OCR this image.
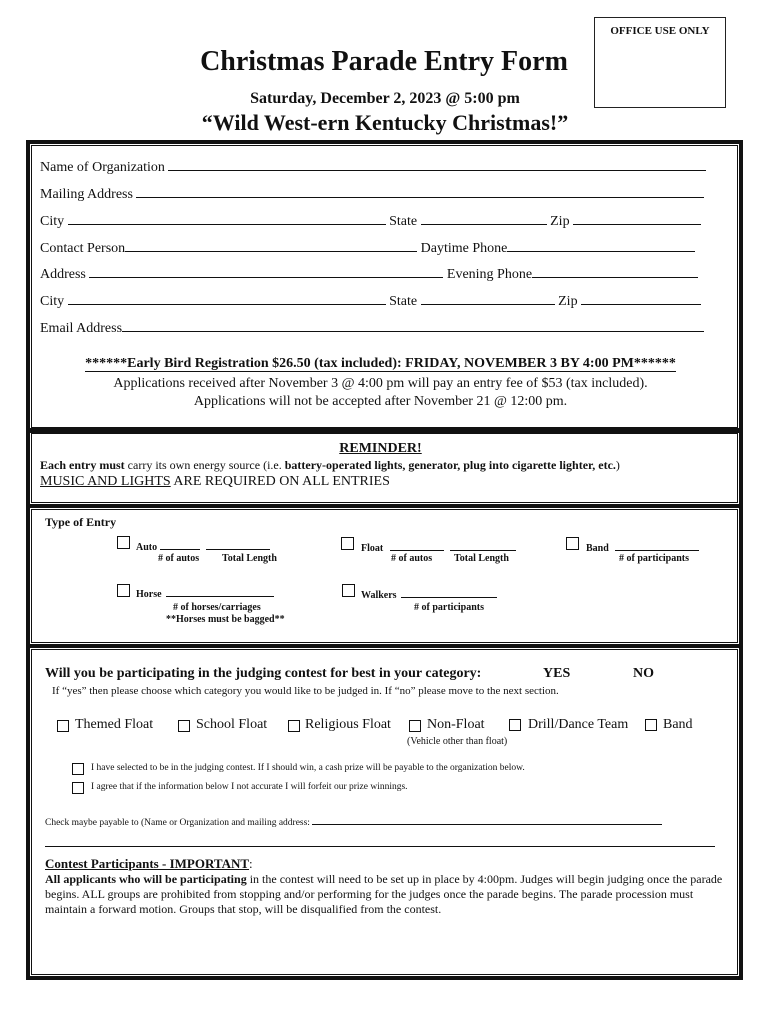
OFFICE USE ONLY
Christmas Parade Entry Form
Saturday, December 2, 2023 @ 5:00 pm
“Wild West-ern Kentucky Christmas!”
Name of Organization
Mailing Address
City	State	Zip
Contact Person	Daytime Phone
Address	Evening Phone
City	State	Zip
Email Address
******Early Bird Registration $26.50 (tax included): FRIDAY, NOVEMBER 3 BY 4:00 PM******
Applications received after November 3 @ 4:00 pm will pay an entry fee of $53 (tax included).
Applications will not be accepted after November 21 @ 12:00 pm.
REMINDER!
Each entry must carry its own energy source (i.e. battery-operated lights, generator, plug into cigarette lighter, etc.)
MUSIC AND LIGHTS ARE REQUIRED ON ALL ENTRIES
Type of Entry
Auto
# of autos Total Length
Float
# of autos Total Length
Band
# of participants
Horse
# of horses/carriages
**Horses must be bagged**
Walkers
# of participants
Will you be participating in the judging contest for best in your category:	YES	NO
If “yes” then please choose which category you would like to be judged in. If “no” please move to the next section.
Themed Float	School Float	Religious Float	Non-Float	Drill/Dance Team Band
(Vehicle other than float)
I have selected to be in the judging contest. If I should win, a cash prize will be payable to the organization below.
I agree that if the information below I not accurate I will forfeit our prize winnings.
Check maybe payable to (Name or Organization and mailing address:
Contest Participants - IMPORTANT:
All applicants who will be participating in the contest will need to be set up in place by 4:00pm. Judges will begin judging once the parade begins. ALL groups are prohibited from stopping and/or performing for the judges once the parade begins. The parade procession must maintain a forward motion. Groups that stop, will be disqualified from the contest.
